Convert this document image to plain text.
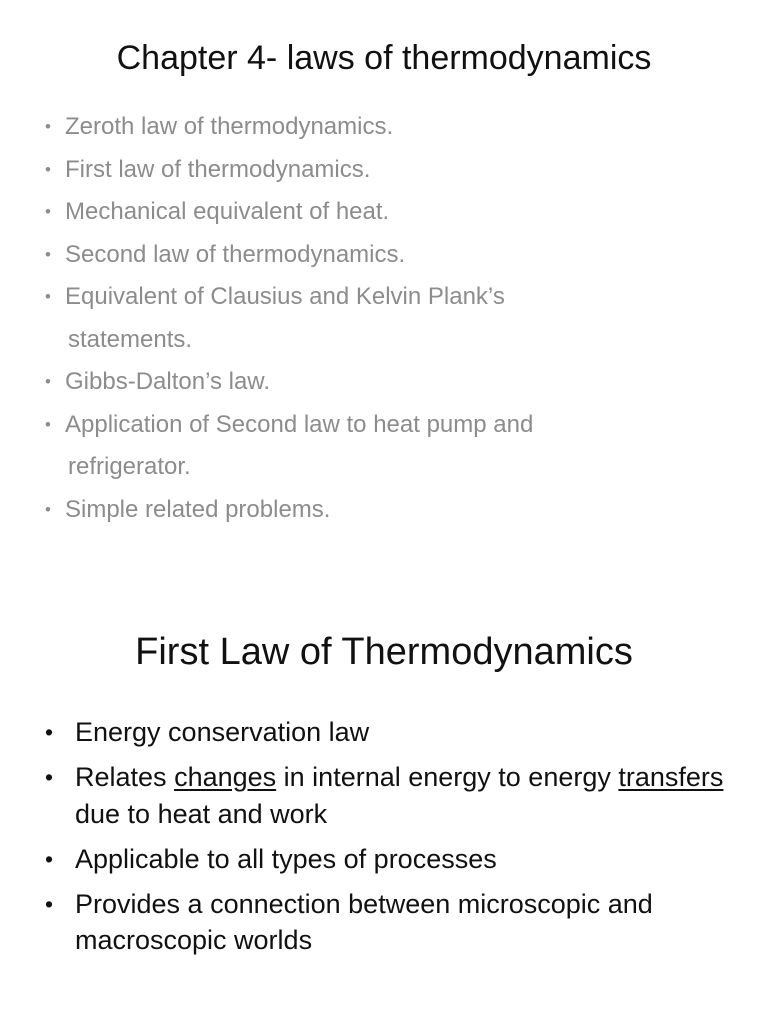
Chapter 4- laws of thermodynamics
• Zeroth law of thermodynamics.
• First law of thermodynamics.
• Mechanical equivalent of heat.
• Second law of thermodynamics.
• Equivalent of Clausius and Kelvin Plank’s
statements.
• Gibbs-Dalton’s law.
• Application of Second law to heat pump and
refrigerator.
• Simple related problems.
First Law of Thermodynamics
• Energy conservation law
• Relates changes in internal energy to energy transfers due to heat and work
• Applicable to all types of processes
• Provides a connection between microscopic and macroscopic worlds
